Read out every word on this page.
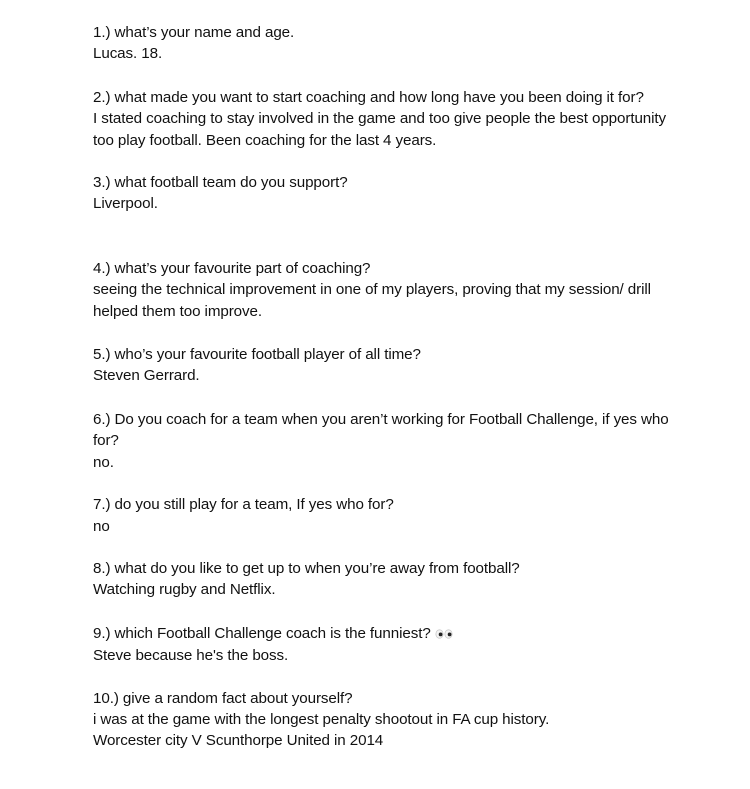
1.) what’s your name and age.

Lucas. 18.

2.) what made you want to start coaching and how long have you been doing it for?

I stated coaching to stay involved in the game and too give people the best opportunity too play football. Been coaching for the last 4 years.

3.) what football team do you support?

Liverpool.

4.) what’s your favourite part of coaching?

seeing the technical improvement in one of my players, proving that my session/ drill helped them too improve.

5.) who’s your favourite football player of all time?

Steven Gerrard.

6.) Do you coach for a team when you aren’t working for Football Challenge, if yes who for?

no.

7.) do you still play for a team, If yes who for?

no

8.) what do you like to get up to when you’re away from football?

Watching rugby and Netflix.

9.) which Football Challenge coach is the funniest?

Steve because he's the boss.

10.) give a random fact about yourself?

i was at the game with the longest penalty shootout in FA cup history.

Worcester city V Scunthorpe United in 2014
